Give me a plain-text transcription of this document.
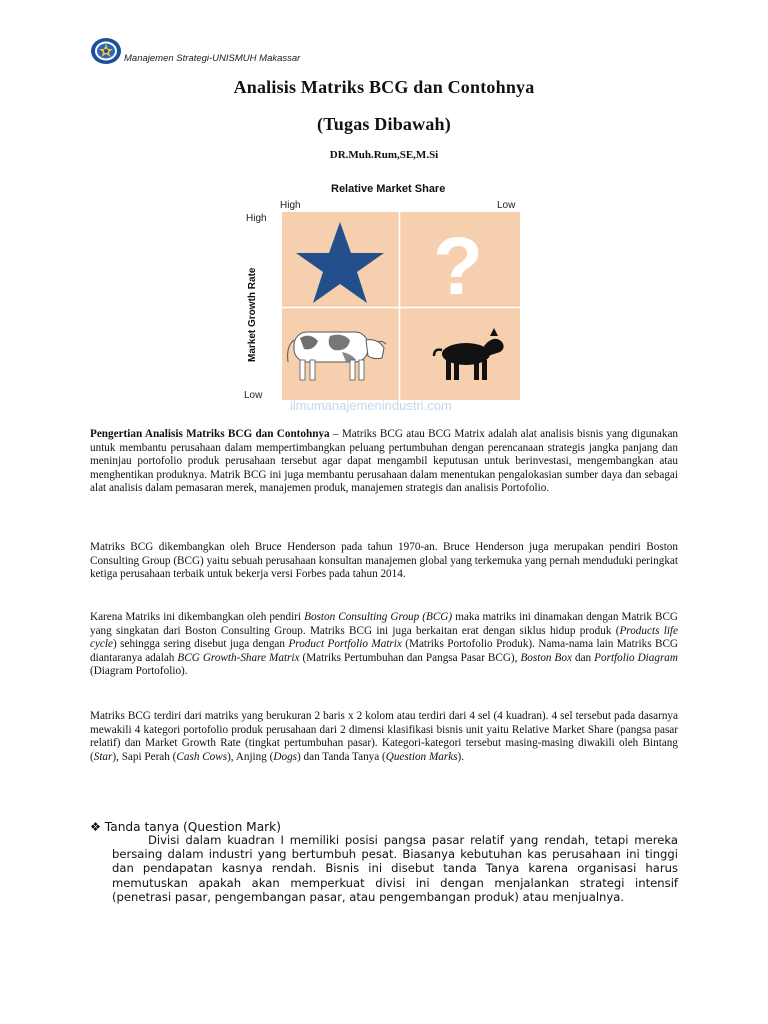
Manajemen Strategi-UNISMUH Makassar
Analisis Matriks BCG dan Contohnya
(Tugas Dibawah)
DR.Muh.Rum,SE,M.Si
Relative Market Share
High	Low
High
Low
Market Growth Rate
?
ilmumanajemenindustri.com

Pengertian Analisis Matriks BCG dan Contohnya – Matriks BCG atau BCG Matrix adalah alat analisis bisnis yang digunakan untuk membantu perusahaan dalam mempertimbangkan peluang pertumbuhan dengan perencanaan strategis jangka panjang dan meninjau portofolio produk perusahaan tersebut agar dapat mengambil keputusan untuk berinvestasi, mengembangkan atau menghentikan produknya. Matrik BCG ini juga membantu perusahaan dalam menentukan pengalokasian sumber daya dan sebagai alat analisis dalam pemasaran merek, manajemen produk, manajemen strategis dan analisis Portofolio.

Matriks BCG dikembangkan oleh Bruce Henderson pada tahun 1970-an. Bruce Henderson juga merupakan pendiri Boston Consulting Group (BCG) yaitu sebuah perusahaan konsultan manajemen global yang terkemuka yang pernah menduduki peringkat ketiga perusahaan terbaik untuk bekerja versi Forbes pada tahun 2014.

Karena Matriks ini dikembangkan oleh pendiri Boston Consulting Group (BCG) maka matriks ini dinamakan dengan Matrik BCG yang singkatan dari Boston Consulting Group. Matriks BCG ini juga berkaitan erat dengan siklus hidup produk (Products life cycle) sehingga sering disebut juga dengan Product Portfolio Matrix (Matriks Portofolio Produk). Nama-nama lain Matriks BCG diantaranya adalah BCG Growth-Share Matrix (Matriks Pertumbuhan dan Pangsa Pasar BCG), Boston Box dan Portfolio Diagram (Diagram Portofolio).

Matriks BCG terdiri dari matriks yang berukuran 2 baris x 2 kolom atau terdiri dari 4 sel (4 kuadran). 4 sel tersebut pada dasarnya mewakili 4 kategori portofolio produk perusahaan dari 2 dimensi klasifikasi bisnis unit yaitu Relative Market Share (pangsa pasar relatif) dan Market Growth Rate (tingkat pertumbuhan pasar). Kategori-kategori tersebut masing-masing diwakili oleh Bintang (Star), Sapi Perah (Cash Cows), Anjing (Dogs) dan Tanda Tanya (Question Marks).

❖ Tanda tanya (Question Mark)

Divisi dalam kuadran I memiliki posisi pangsa pasar relatif yang rendah, tetapi mereka bersaing dalam industri yang bertumbuh pesat. Biasanya kebutuhan kas perusahaan ini tinggi dan pendapatan kasnya rendah. Bisnis ini disebut tanda Tanya karena organisasi harus memutuskan apakah akan memperkuat divisi ini dengan menjalankan strategi intensif (penetrasi pasar, pengembangan pasar, atau pengembangan produk) atau menjualnya.
